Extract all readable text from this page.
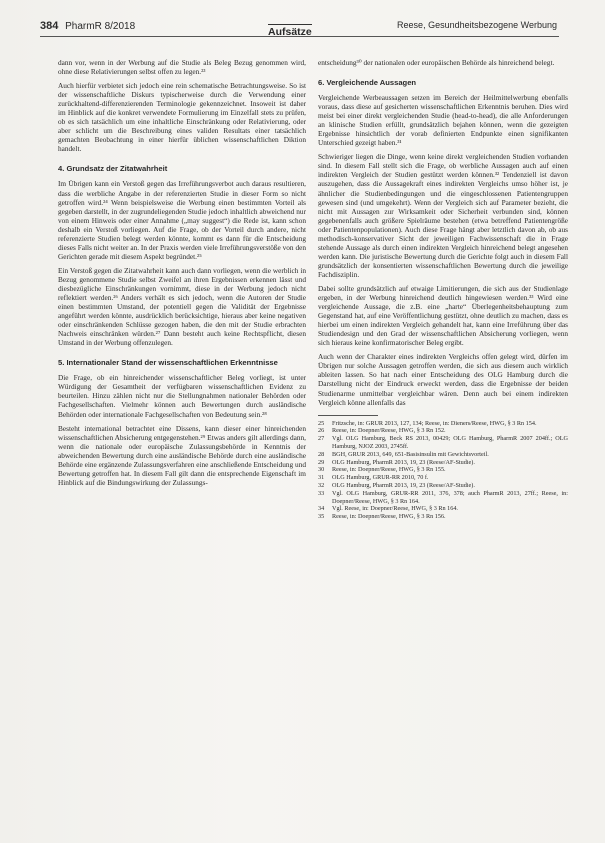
384 PharmR 8/2018	Aufsätze
Reese, Gesundheitsbezogene Werbung

dann vor, wenn in der Werbung auf die Studie als Beleg Bezug genommen wird, ohne diese Relativierungen selbst offen zu legen.²³

Auch hierfür verbietet sich jedoch eine rein schematische Betrachtungsweise. So ist der wissenschaftliche Diskurs typischerweise durch die Verwendung einer zurückhaltend-differenzierenden Terminologie gekennzeichnet. Insoweit ist daher im Hinblick auf die konkret verwendete Formulierung im Einzelfall stets zu prüfen, ob es sich tatsächlich um eine inhaltliche Einschränkung oder Relativierung, oder aber schlicht um die Beschreibung eines validen Resultats einer tatsächlich gemachten Beobachtung in einer hierfür üblichen wissenschaftlichen Diktion handelt.

4. Grundsatz der Zitatwahrheit

Im Übrigen kann ein Verstoß gegen das Irreführungsverbot auch daraus resultieren, dass die werbliche Angabe in der referenzierten Studie in dieser Form so nicht getroffen wird.²⁴ Wenn beispielsweise die Werbung einen bestimmten Vorteil als gegeben darstellt, in der zugrundeliegenden Studie jedoch inhaltlich abweichend nur von einem Hinweis oder einer Annahme („may suggest“) die Rede ist, kann schon deshalb ein Verstoß vorliegen. Auf die Frage, ob der Vorteil durch andere, nicht referenzierte Studien belegt werden könnte, kommt es dann für die Entscheidung dieses Falls nicht weiter an. In der Praxis werden viele Irreführungsverstöße von den Gerichten gerade mit diesem Aspekt begründet.²⁵

Ein Verstoß gegen die Zitatwahrheit kann auch dann vorliegen, wenn die werblich in Bezug genommene Studie selbst Zweifel an ihren Ergebnissen erkennen lässt und diesbezügliche Einschränkungen vornimmt, diese in der Werbung jedoch nicht reflektiert werden.²⁶ Anders verhält es sich jedoch, wenn die Autoren der Studie einen bestimmten Umstand, der potentiell gegen die Validität der Ergebnisse angeführt werden könnte, ausdrücklich berücksichtige, hieraus aber keine negativen oder einschränkenden Schlüsse gezogen haben, die den mit der Studie erbrachten Nachweis einschränken würden.²⁷ Dann besteht auch keine Rechtspflicht, diesen Umstand in der Werbung offenzulegen.

5. Internationaler Stand der wissenschaftlichen Erkenntnisse

Die Frage, ob ein hinreichender wissenschaftlicher Beleg vorliegt, ist unter Würdigung der Gesamtheit der verfügbaren wissenschaftlichen Evidenz zu beurteilen. Hinzu zählen nicht nur die Stellungnahmen nationaler Behörden oder Fachgesellschaften. Vielmehr können auch Bewertungen durch ausländische Behörden oder internationale Fachgesellschaften von Bedeutung sein.²⁸

Besteht international betrachtet eine Dissens, kann dieser einer hinreichenden wissenschaftlichen Absicherung entgegenstehen.²⁹ Etwas anders gilt allerdings dann, wenn die nationale oder europäische Zulassungsbehörde in Kenntnis der abweichenden Bewertung durch eine ausländische Behörde durch eine ausländische Behörde eine ergänzende Zulassungsverfahren eine anschließende Entscheidung und Bewertung getroffen hat. In diesem Fall gilt dann die entsprechende Eigenschaft im Hinblick auf die Bindungswirkung der Zulassungs-

entscheidung³⁰ der nationalen oder europäischen Behörde als hinreichend belegt.

6. Vergleichende Aussagen

Vergleichende Werbeaussagen setzen im Bereich der Heilmittelwerbung ebenfalls voraus, dass diese auf gesicherten wissenschaftlichen Erkenntnis beruhen. Dies wird meist bei einer direkt vergleichenden Studie (head-to-head), die alle Anforderungen an klinische Studien erfüllt, grundsätzlich bejahen können, wenn die gezeigten Ergebnisse hinsichtlich der vorab definierten Endpunkte einen signifikanten Unterschied gezeigt haben.³¹

Schwieriger liegen die Dinge, wenn keine direkt vergleichenden Studien vorhanden sind. In diesem Fall stellt sich die Frage, ob werbliche Aussagen auch auf einen indirekten Vergleich der Studien gestützt werden können.³² Tendenziell ist davon auszugehen, dass die Aussagekraft eines indirekten Vergleichs umso höher ist, je ähnlicher die Studienbedingungen und die eingeschlossenen Patientengruppen gewesen sind (und umgekehrt). Wenn der Vergleich sich auf Parameter bezieht, die nicht mit Aussagen zur Wirksamkeit oder Sicherheit verbunden sind, können gegebenenfalls auch größere Spielräume bestehen (etwa betreffend Patientengröße oder Patientenpopulationen). Auch diese Frage hängt aber letztlich davon ab, ob aus methodisch-konservativer Sicht der jeweiligen Fachwissenschaft die in Frage stehende Aussage als durch einen indirekten Vergleich hinreichend belegt angesehen werden kann. Die juristische Bewertung durch die Gerichte folgt auch in diesem Fall grundsätzlich der konsentierten wissenschaftlichen Bewertung durch die jeweilige Fachdisziplin.

Dabei sollte grundsätzlich auf etwaige Limitierungen, die sich aus der Studienlage ergeben, in der Werbung hinreichend deutlich hingewiesen werden.³³ Wird eine vergleichende Aussage, die z.B. eine „harte“ Überlegenheitsbehauptung zum Gegenstand hat, auf eine Veröffentlichung gestützt, ohne deutlich zu machen, dass es hierbei um einen indirekten Vergleich gehandelt hat, kann eine Irreführung über das Studiendesign und den Grad der wissenschaftlichen Absicherung vorliegen, wenn sich hieraus keine konfirmatorischer Beleg ergibt.

Auch wenn der Charakter eines indirekten Vergleichs offen gelegt wird, dürfen im Übrigen nur solche Aussagen getroffen werden, die sich aus diesem auch wirklich ableiten lassen. So hat nach einer Entscheidung des OLG Hamburg durch die Darstellung nicht der Eindruck erweckt werden, dass die Ergebnisse der beiden Studienarme unmittelbar vergleichbar wären. Denn auch bei einem indirekten Vergleich könne allenfalls das

25	Fritzsche, in: GRUR 2013, 127, 134; Reese, in: Dieners/Reese, HWG, § 3 Rn 154.
26	Reese, in: Doepner/Reese, HWG, § 3 Rn 152.
27	Vgl. OLG Hamburg, Beck RS 2013, 00429; OLG Hamburg, PharmR 2007 204ff.; OLG Hamburg, NJOZ 2003, 2745ff.
28	BGH, GRUR 2013, 649, 651-Basisinsulin mit Gewichtsvorteil.
29	OLG Hamburg, PharmR 2013, 19, 23 (Reese/AF-Studie).
30	Reese, in: Doepner/Reese, HWG, § 3 Rn 155.
31	OLG Hamburg, GRUR-RR 2010, 70 f.
32	OLG Hamburg, PharmR 2013, 19, 23 (Reese/AF-Studie).
33	Vgl. OLG Hamburg, GRUR-RR 2011, 376, 378; auch PharmR 2013, 27ff.; Reese, in: Doepner/Reese, HWG, § 3 Rn 164.
34	Vgl. Reese, in: Doepner/Reese, HWG, § 3 Rn 164.
35	Reese, in: Doepner/Reese, HWG, § 3 Rn 156.
